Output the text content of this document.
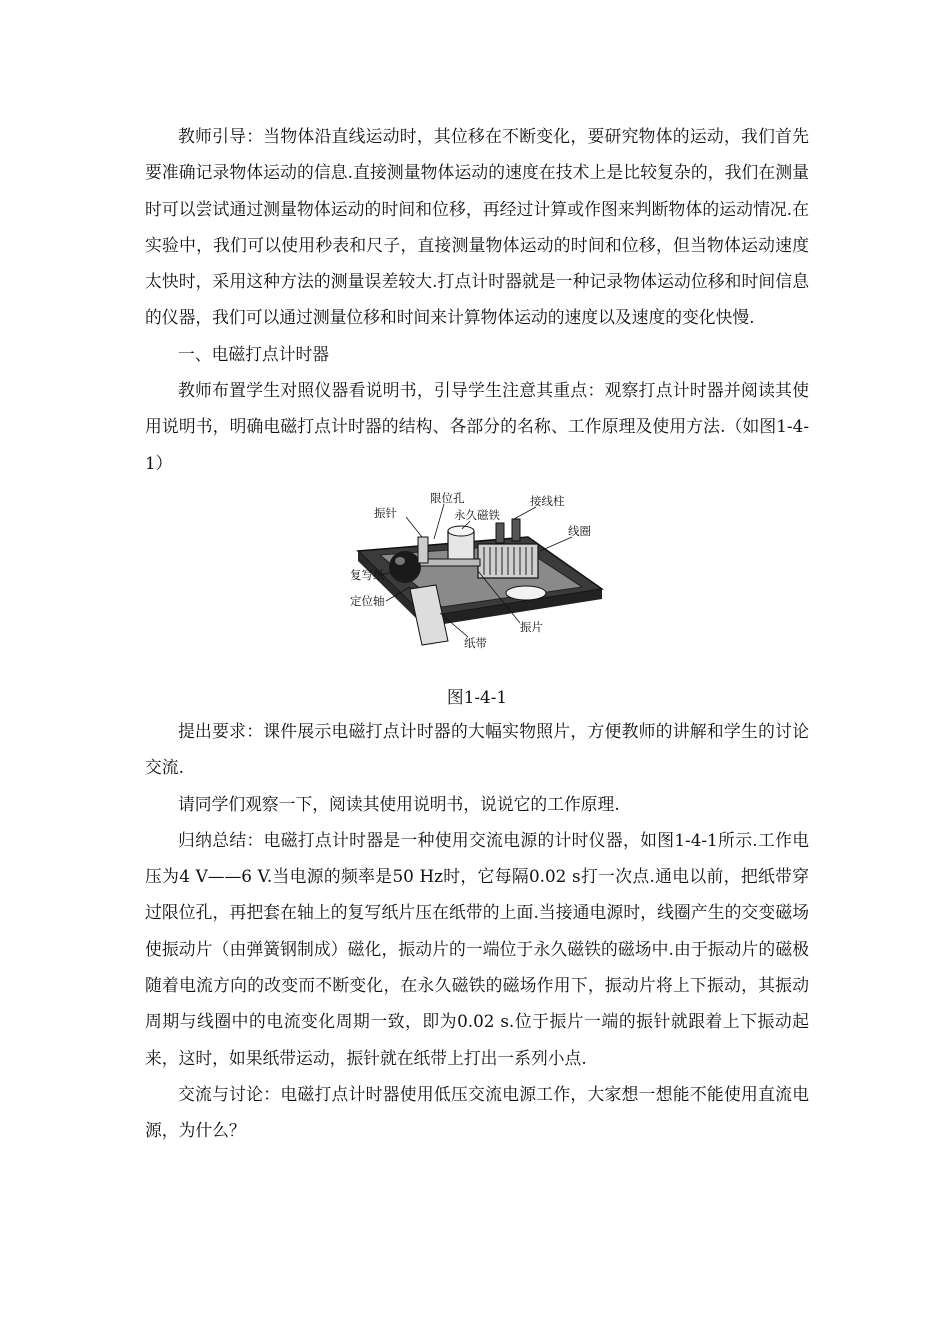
教师引导：当物体沿直线运动时，其位移在不断变化，要研究物体的运动，我们首先要准确记录物体运动的信息.直接测量物体运动的速度在技术上是比较复杂的，我们在测量时可以尝试通过测量物体运动的时间和位移，再经过计算或作图来判断物体的运动情况.在实验中，我们可以使用秒表和尺子，直接测量物体运动的时间和位移，但当物体运动速度太快时，采用这种方法的测量误差较大.打点计时器就是一种记录物体运动位移和时间信息的仪器，我们可以通过测量位移和时间来计算物体运动的速度以及速度的变化快慢.

一、电磁打点计时器

教师布置学生对照仪器看说明书，引导学生注意其重点：观察打点计时器并阅读其使用说明书，明确电磁打点计时器的结构、各部分的名称、工作原理及使用方法.（如图1-4-1）

振针
限位孔
永久磁铁
接线柱
线圈
复写纸
定位轴
纸带
振片

图1-4-1

提出要求：课件展示电磁打点计时器的大幅实物照片，方便教师的讲解和学生的讨论交流.

请同学们观察一下，阅读其使用说明书，说说它的工作原理.

归纳总结：电磁打点计时器是一种使用交流电源的计时仪器，如图1-4-1所示.工作电压为4 V——6 V.当电源的频率是50 Hz时，它每隔0.02 s打一次点.通电以前，把纸带穿过限位孔，再把套在轴上的复写纸片压在纸带的上面.当接通电源时，线圈产生的交变磁场使振动片（由弹簧钢制成）磁化，振动片的一端位于永久磁铁的磁场中.由于振动片的磁极随着电流方向的改变而不断变化，在永久磁铁的磁场作用下，振动片将上下振动，其振动周期与线圈中的电流变化周期一致，即为0.02 s.位于振片一端的振针就跟着上下振动起来，这时，如果纸带运动，振针就在纸带上打出一系列小点.

交流与讨论：电磁打点计时器使用低压交流电源工作，大家想一想能不能使用直流电源，为什么？
